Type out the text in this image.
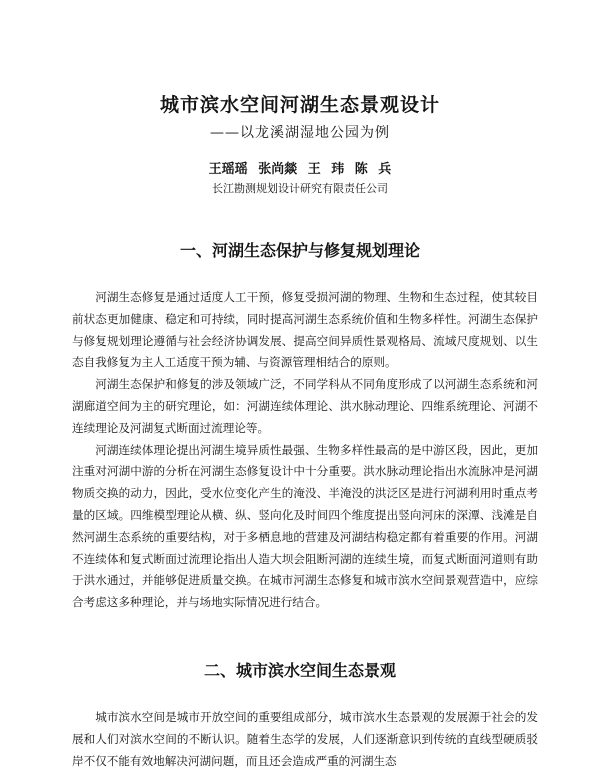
城市滨水空间河湖生态景观设计
——以龙溪湖湿地公园为例
王瑶瑶 张尚燚 王 玮 陈 兵
长江勘测规划设计研究有限责任公司
一、河湖生态保护与修复规划理论

河湖生态修复是通过适度人工干预，修复受损河湖的物理、生物和生态过程，使其较目前状态更加健康、稳定和可持续，同时提高河湖生态系统价值和生物多样性。河湖生态保护与修复规划理论遵循与社会经济协调发展、提高空间异质性景观格局、流域尺度规划、以生态自我修复为主人工适度干预为辅、与资源管理相结合的原则。

河湖生态保护和修复的涉及领域广泛，不同学科从不同角度形成了以河湖生态系统和河湖廊道空间为主的研究理论，如：河湖连续体理论、洪水脉动理论、四维系统理论、河湖不连续理论及河湖复式断面过流理论等。

河湖连续体理论提出河湖生境异质性最强、生物多样性最高的是中游区段，因此，更加注重对河湖中游的分析在河湖生态修复设计中十分重要。洪水脉动理论指出水流脉冲是河湖物质交换的动力，因此，受水位变化产生的淹没、半淹没的洪泛区是进行河湖利用时重点考量的区域。四维模型理论从横、纵、竖向化及时间四个维度提出竖向河床的深潭、浅滩是自然河湖生态系统的重要结构，对于多栖息地的营建及河湖结构稳定都有着重要的作用。河湖不连续体和复式断面过流理论指出人造大坝会阻断河湖的连续生境，而复式断面河道则有助于洪水通过，并能够促进质量交换。在城市河湖生态修复和城市滨水空间景观营造中，应综合考虑这多种理论，并与场地实际情况进行结合。

二、城市滨水空间生态景观

城市滨水空间是城市开放空间的重要组成部分，城市滨水生态景观的发展源于社会的发展和人们对滨水空间的不断认识。随着生态学的发展，人们逐渐意识到传统的直线型硬质驳岸不仅不能有效地解决河湖问题，而且还会造成严重的河湖生态
